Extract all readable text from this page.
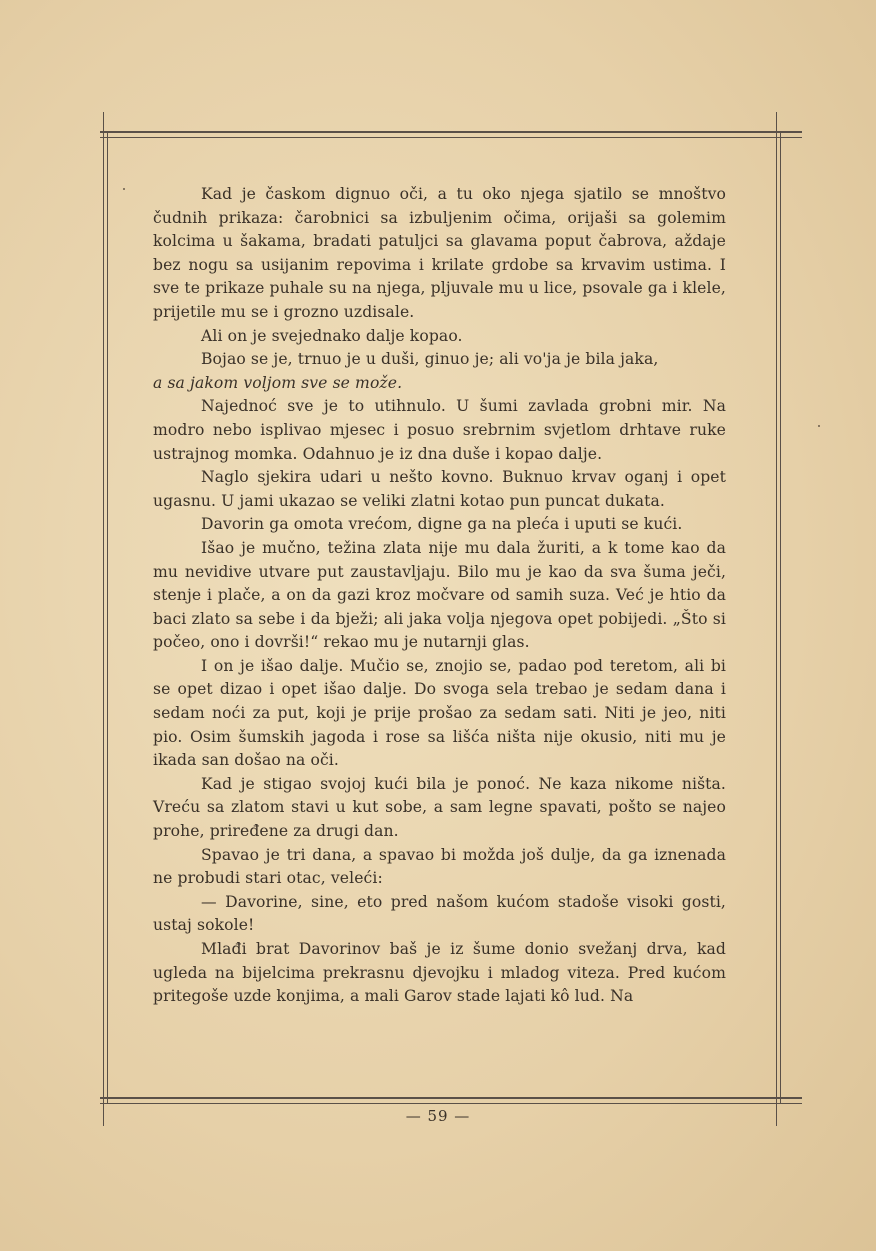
Kad je časkom dignuo oči, a tu oko njega sjatilo se mnoštvo čudnih prikaza: čarobnici sa izbuljenim očima, orijaši sa golemim kolcima u šakama, bradati patuljci sa glavama poput čabrova, aždaje bez nogu sa usijanim repovima i krilate grdobe sa krvavim ustima. I sve te prikaze puhale su na njega, pljuvale mu u lice, psovale ga i klele, prijetile mu se i grozno uzdisale.

Ali on je svejednako dalje kopao.

Bojao se je, trnuo je u duši, ginuo je; ali vo'ja je bila jaka,

a sa jakom voljom sve se može.

Najednoć sve je to utihnulo. U šumi zavlada grobni mir. Na modro nebo isplivao mjesec i posuo srebrnim svjetlom drhtave ruke ustrajnog momka. Odahnuo je iz dna duše i kopao dalje.

Naglo sjekira udari u nešto kovno. Buknuo krvav oganj i opet ugasnu. U jami ukazao se veliki zlatni kotao pun puncat dukata.

Davorin ga omota vrećom, digne ga na pleća i uputi se kući.

Išao je mučno, težina zlata nije mu dala žuriti, a k tome kao da mu nevidive utvare put zaustavljaju. Bilo mu je kao da sva šuma ječi, stenje i plače, a on da gazi kroz močvare od samih suza. Već je htio da baci zlato sa sebe i da bježi; ali jaka volja njegova opet pobijedi. „Što si počeo, ono i dovrši!“ rekao mu je nutarnji glas.

I on je išao dalje. Mučio se, znojio se, padao pod teretom, ali bi se opet dizao i opet išao dalje. Do svoga sela trebao je sedam dana i sedam noći za put, koji je prije prošao za sedam sati. Niti je jeo, niti pio. Osim šumskih jagoda i rose sa lišća ništa nije okusio, niti mu je ikada san došao na oči.

Kad je stigao svojoj kući bila je ponoć. Ne kaza nikome ništa. Vreću sa zlatom stavi u kut sobe, a sam legne spavati, pošto se najeo prohe, priređene za drugi dan.

Spavao je tri dana, a spavao bi možda još dulje, da ga iznenada ne probudi stari otac, veleći:

— Davorine, sine, eto pred našom kućom stadoše visoki gosti, ustaj sokole!

Mlađi brat Davorinov baš je iz šume donio svežanj drva, kad ugleda na bijelcima prekrasnu djevojku i mladog viteza. Pred kućom pritegoše uzde konjima, a mali Garov stade lajati kô lud. Na

— 59 —
